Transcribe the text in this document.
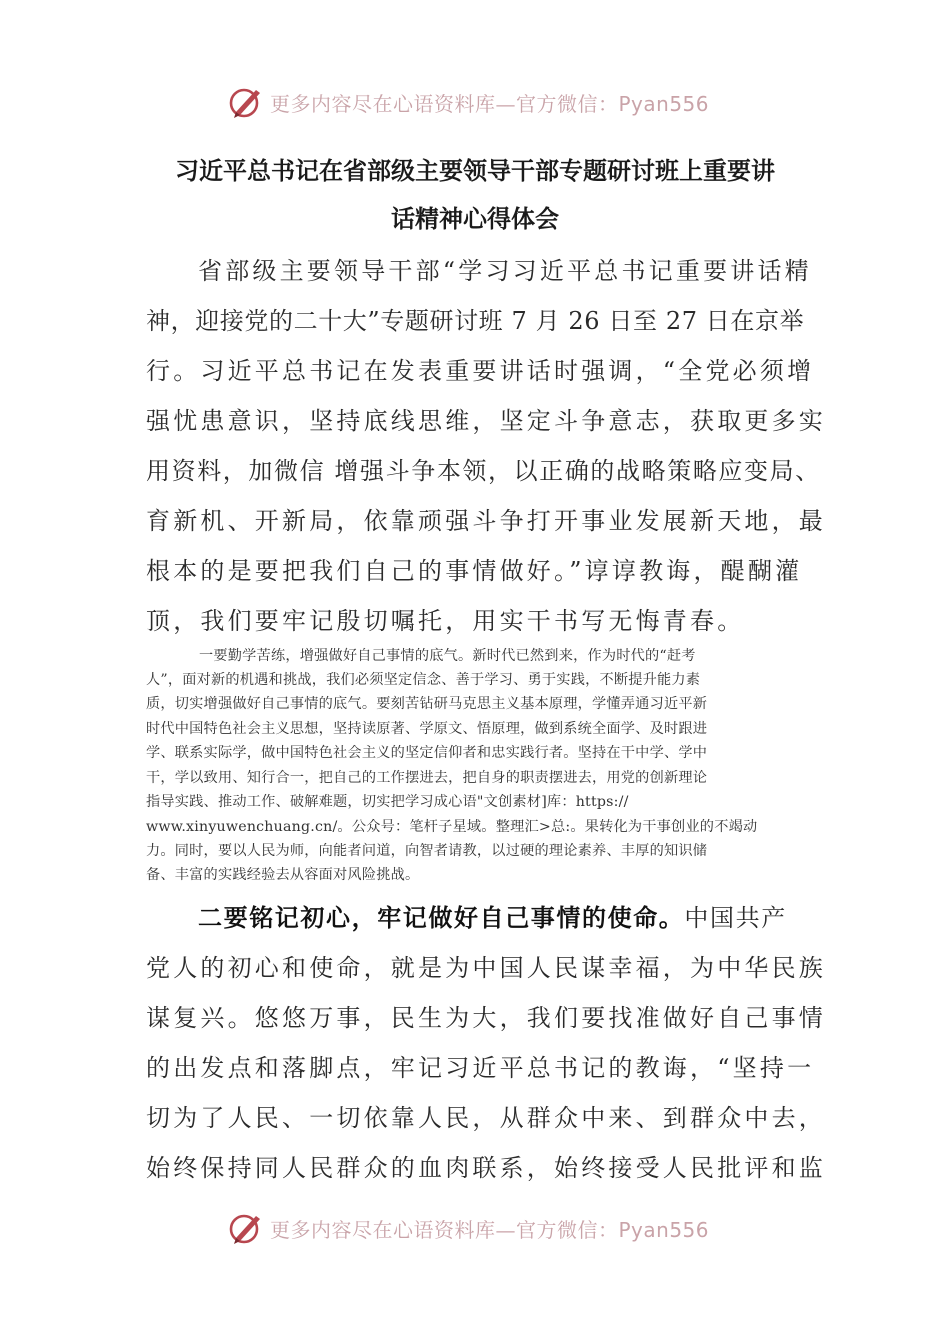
更多内容尽在心语资料库—官方微信：Pyan556
习近平总书记在省部级主要领导干部专题研讨班上重要讲
话精神心得体会
省部级主要领导干部“学习习近平总书记重要讲话精
神，迎接党的二十大”专题研讨班 7 月 26 日至 27 日在京举
行。习近平总书记在发表重要讲话时强调，“全党必须增
强忧患意识，坚持底线思维，坚定斗争意志，获取更多实
用资料，加微信 增强斗争本领，以正确的战略策略应变局、
育新机、开新局，依靠顽强斗争打开事业发展新天地，最
根本的是要把我们自己的事情做好。”谆谆教诲，醍醐灌
顶，我们要牢记殷切嘱托，用实干书写无悔青春。
一要勤学苦练，增强做好自己事情的底气。新时代已然到来，作为时代的“赶考
人”，面对新的机遇和挑战，我们必须坚定信念、善于学习、勇于实践，不断提升能力素
质，切实增强做好自己事情的底气。要刻苦钻研马克思主义基本原理，学懂弄通习近平新
时代中国特色社会主义思想，坚持读原著、学原文、悟原理，做到系统全面学、及时跟进
学、联系实际学，做中国特色社会主义的坚定信仰者和忠实践行者。坚持在干中学、学中
干，学以致用、知行合一，把自己的工作摆进去，把自身的职责摆进去，用党的创新理论
指导实践、推动工作、破解难题，切实把学习成心语"文创素材]库：https://
www.xinyuwenchuang.cn/。公众号：笔杆子星域。整理汇>总:。果转化为干事创业的不竭动
力。同时，要以人民为师，向能者问道，向智者请教，以过硬的理论素养、丰厚的知识储
备、丰富的实践经验去从容面对风险挑战。
二要铭记初心，牢记做好自己事情的使命。中国共产
党人的初心和使命，就是为中国人民谋幸福，为中华民族
谋复兴。悠悠万事，民生为大，我们要找准做好自己事情
的出发点和落脚点，牢记习近平总书记的教诲，“坚持一
切为了人民、一切依靠人民，从群众中来、到群众中去，
始终保持同人民群众的血肉联系，始终接受人民批评和监
更多内容尽在心语资料库—官方微信：Pyan556
